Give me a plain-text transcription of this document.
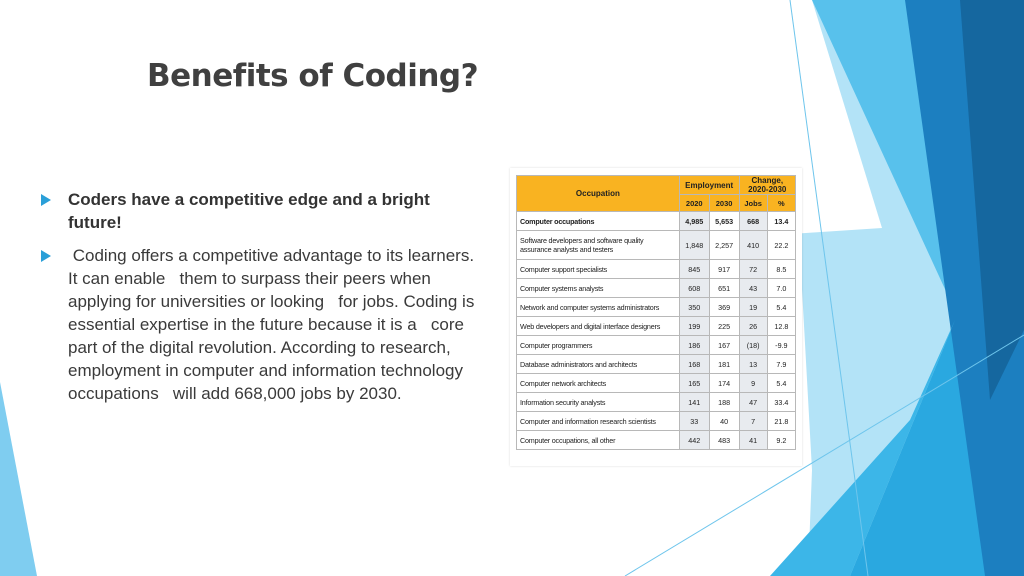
Benefits of Coding?
Coders have a competitive edge and a bright future!
Coding offers a competitive advantage to its learners. It can enable   them to surpass their peers when applying for universities or looking   for jobs. Coding is essential expertise in the future because it is a   core part of the digital revolution. According to research,   employment in computer and information technology occupations   will add 668,000 jobs by 2030.
Occupation	Employment		Change, 2020-2030	
	2020	2030	Jobs	%
Computer occupations	4,985	5,653	668	13.4
Software developers and software quality assurance analysts and testers	1,848	2,257	410	22.2
Computer support specialists	845	917	72	8.5
Computer systems analysts	608	651	43	7.0
Network and computer systems administrators	350	369	19	5.4
Web developers and digital interface designers	199	225	26	12.8
Computer programmers	186	167	(18)	-9.9
Database administrators and architects	168	181	13	7.9
Computer network architects	165	174	9	5.4
Information security analysts	141	188	47	33.4
Computer and information research scientists	33	40	7	21.8
Computer occupations, all other	442	483	41	9.2
